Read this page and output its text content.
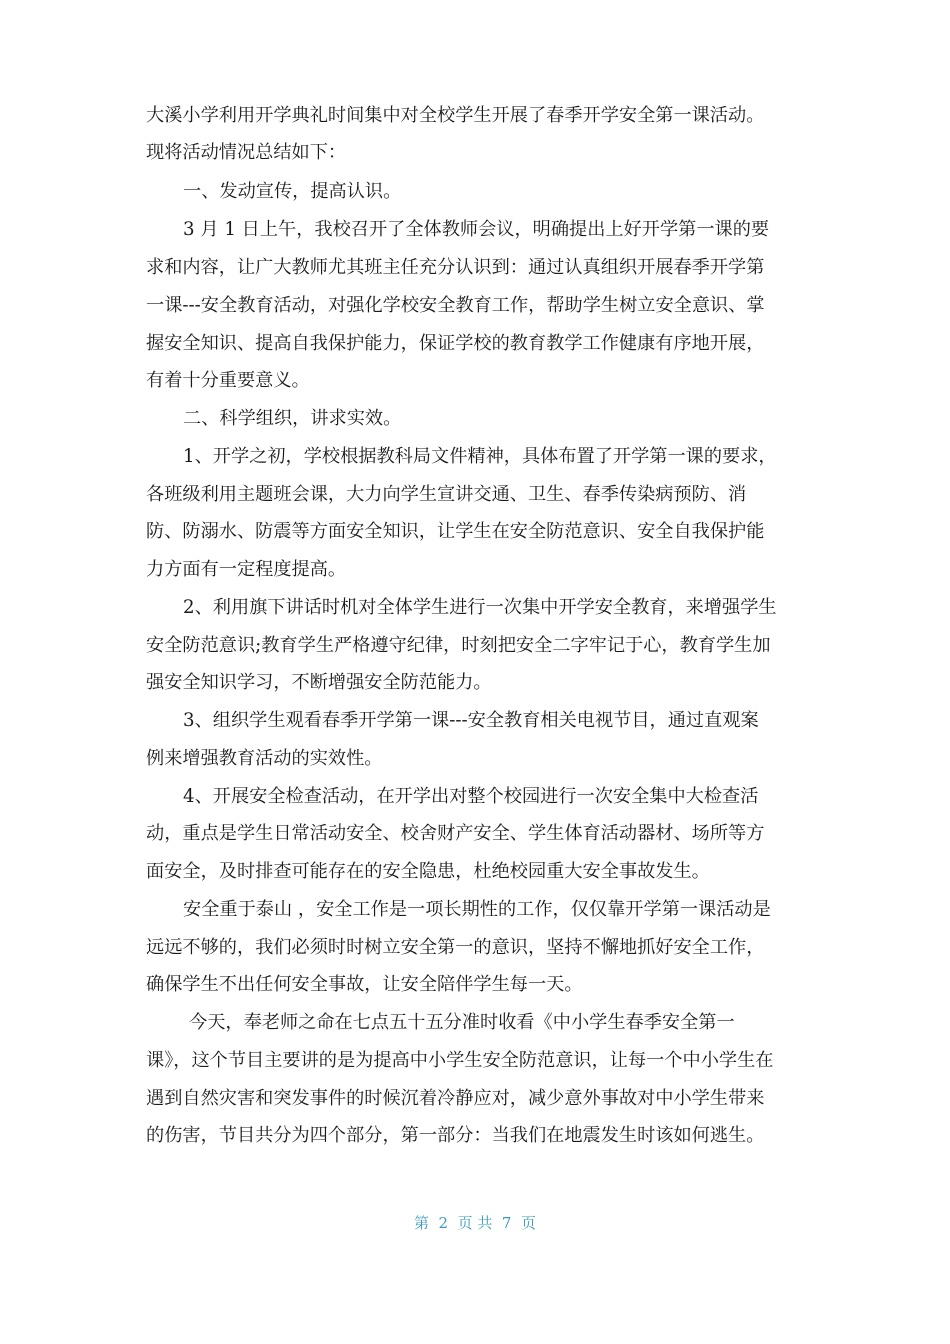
大溪小学利用开学典礼时间集中对全校学生开展了春季开学安全第一课活动。
现将活动情况总结如下：
一、发动宣传，提高认识。
3 月 1 日上午，我校召开了全体教师会议，明确提出上好开学第一课的要
求和内容，让广大教师尤其班主任充分认识到：通过认真组织开展春季开学第
一课---安全教育活动，对强化学校安全教育工作，帮助学生树立安全意识、掌
握安全知识、提高自我保护能力，保证学校的教育教学工作健康有序地开展，
有着十分重要意义。
二、科学组织，讲求实效。
1、开学之初，学校根据教科局文件精神，具体布置了开学第一课的要求，
各班级利用主题班会课，大力向学生宣讲交通、卫生、春季传染病预防、消
防、防溺水、防震等方面安全知识，让学生在安全防范意识、安全自我保护能
力方面有一定程度提高。
2、利用旗下讲话时机对全体学生进行一次集中开学安全教育，来增强学生
安全防范意识;教育学生严格遵守纪律，时刻把安全二字牢记于心，教育学生加
强安全知识学习，不断增强安全防范能力。
3、组织学生观看春季开学第一课---安全教育相关电视节目，通过直观案
例来增强教育活动的实效性。
4、开展安全检查活动，在开学出对整个校园进行一次安全集中大检查活
动，重点是学生日常活动安全、校舍财产安全、学生体育活动器材、场所等方
面安全，及时排查可能存在的安全隐患，杜绝校园重大安全事故发生。
安全重于泰山 ，安全工作是一项长期性的工作，仅仅靠开学第一课活动是
远远不够的，我们必须时时树立安全第一的意识，坚持不懈地抓好安全工作，
确保学生不出任何安全事故，让安全陪伴学生每一天。
今天，奉老师之命在七点五十五分准时收看《中小学生春季安全第一
课》，这个节目主要讲的是为提高中小学生安全防范意识，让每一个中小学生在
遇到自然灾害和突发事件的时候沉着冷静应对，减少意外事故对中小学生带来
的伤害，节目共分为四个部分，第一部分：当我们在地震发生时该如何逃生。
第  2  页 共  7  页
